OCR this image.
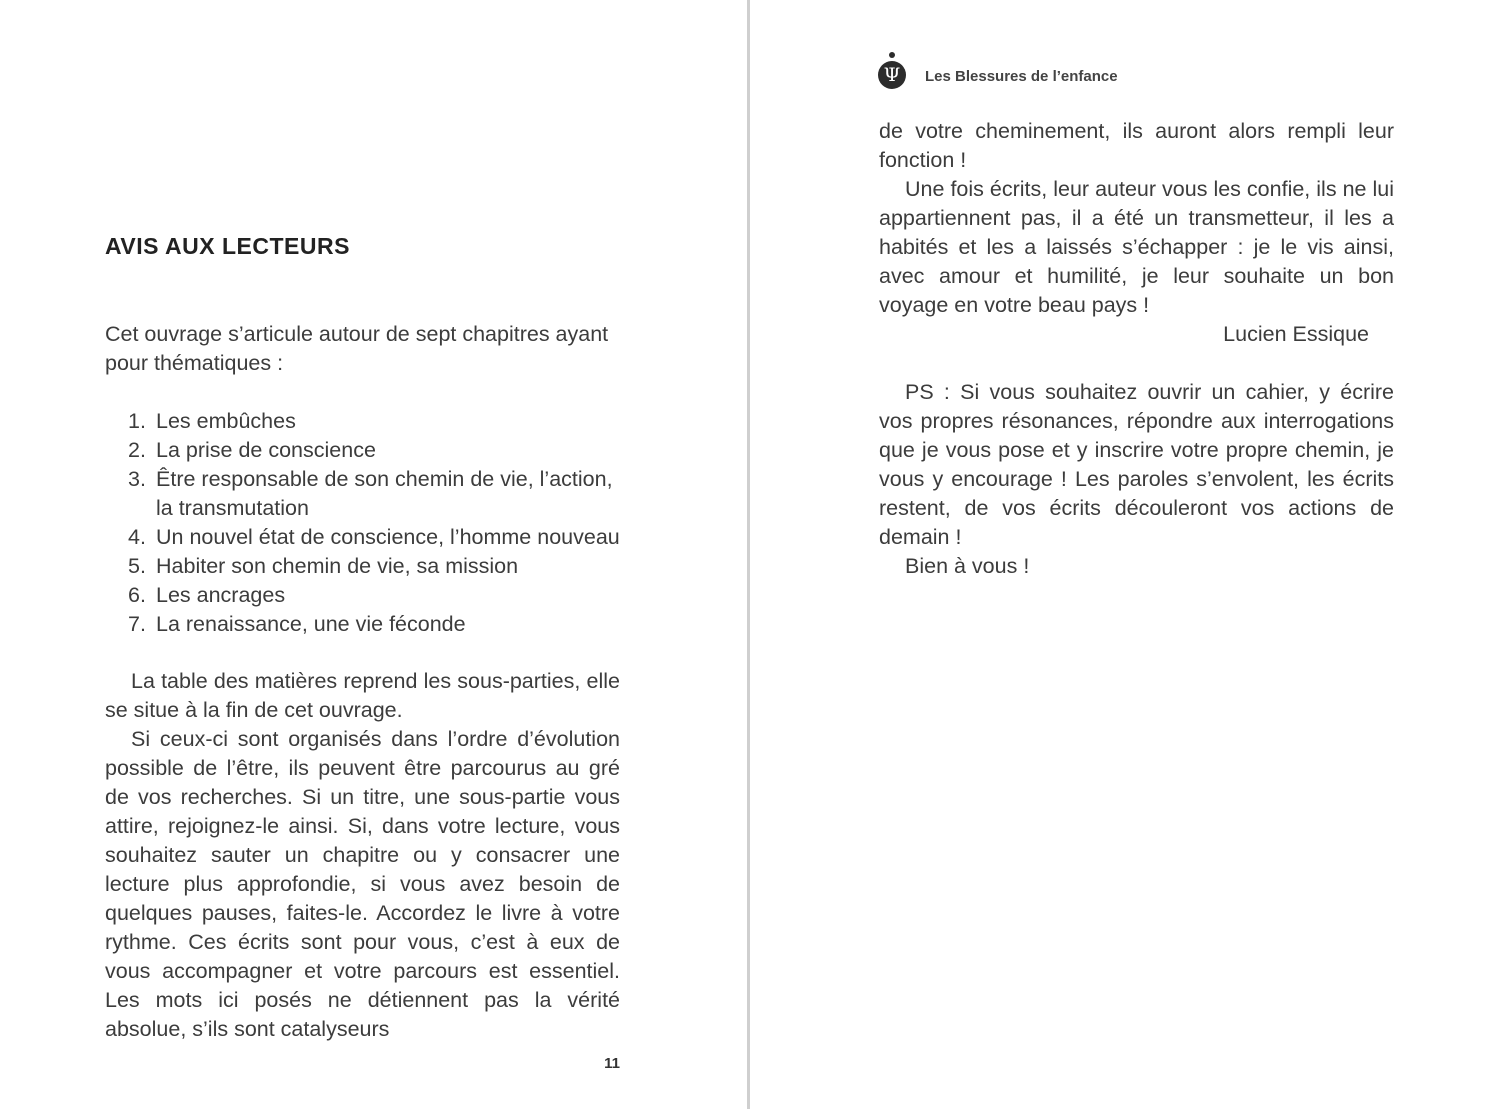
AVIS AUX LECTEURS

Cet ouvrage s’articule autour de sept chapitres ayant pour thématiques :

1. Les embûches
2. La prise de conscience
3. Être responsable de son chemin de vie, l’action, la transmutation
4. Un nouvel état de conscience, l’homme nouveau
5. Habiter son chemin de vie, sa mission
6. Les ancrages
7. La renaissance, une vie féconde

La table des matières reprend les sous-parties, elle se situe à la fin de cet ouvrage.

Si ceux-ci sont organisés dans l’ordre d’évolution possible de l’être, ils peuvent être parcourus au gré de vos recherches. Si un titre, une sous-partie vous attire, rejoignez-le ainsi. Si, dans votre lecture, vous souhaitez sauter un chapitre ou y consacrer une lecture plus approfondie, si vous avez besoin de quelques pauses, faites-le. Accordez le livre à votre rythme. Ces écrits sont pour vous, c’est à eux de vous accompagner et votre parcours est essentiel. Les mots ici posés ne détiennent pas la vérité absolue, s’ils sont catalyseurs

11
Ψ	Les Blessures de l’enfance

de votre cheminement, ils auront alors rempli leur fonction !

Une fois écrits, leur auteur vous les confie, ils ne lui appartiennent pas, il a été un transmetteur, il les a habités et les a laissés s’échapper : je le vis ainsi, avec amour et humilité, je leur souhaite un bon voyage en votre beau pays !

Lucien Essique

PS : Si vous souhaitez ouvrir un cahier, y écrire vos propres résonances, répondre aux interrogations que je vous pose et y inscrire votre propre chemin, je vous y encourage ! Les paroles s’envolent, les écrits restent, de vos écrits découleront vos actions de demain !

Bien à vous !
